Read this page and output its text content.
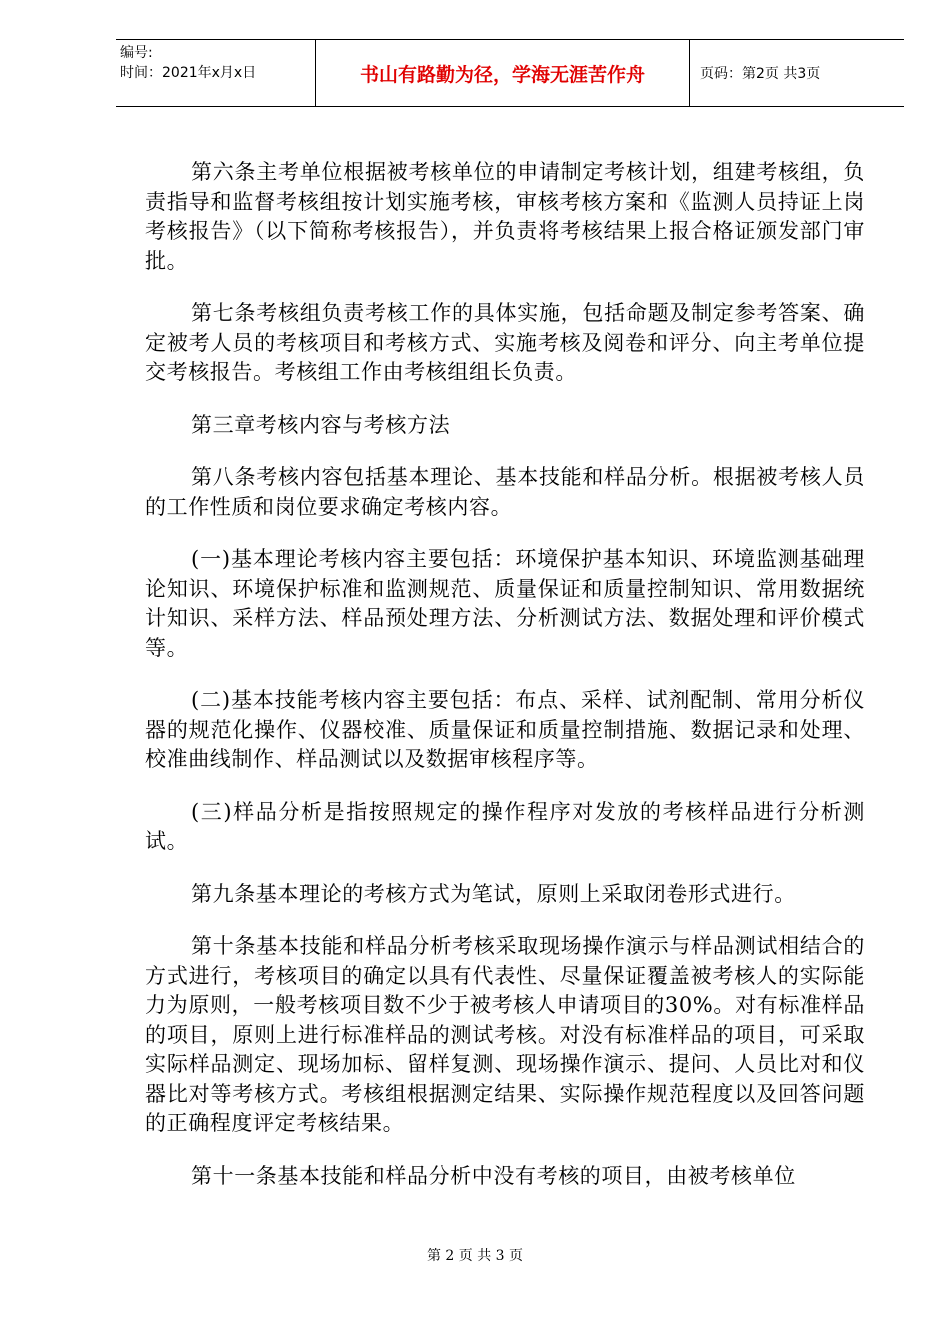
编号:
时间：2021年x月x日	书山有路勤为径，学海无涯苦作舟	页码：第2页 共3页

第六条主考单位根据被考核单位的申请制定考核计划，组建考核组，负责指导和监督考核组按计划实施考核，审核考核方案和《监测人员持证上岗考核报告》（以下简称考核报告），并负责将考核结果上报合格证颁发部门审批。

第七条考核组负责考核工作的具体实施，包括命题及制定参考答案、确定被考人员的考核项目和考核方式、实施考核及阅卷和评分、向主考单位提交考核报告。考核组工作由考核组组长负责。

第三章考核内容与考核方法

第八条考核内容包括基本理论、基本技能和样品分析。根据被考核人员的工作性质和岗位要求确定考核内容。

(一)基本理论考核内容主要包括：环境保护基本知识、环境监测基础理论知识、环境保护标准和监测规范、质量保证和质量控制知识、常用数据统计知识、采样方法、样品预处理方法、分析测试方法、数据处理和评价模式等。

(二)基本技能考核内容主要包括：布点、采样、试剂配制、常用分析仪器的规范化操作、仪器校准、质量保证和质量控制措施、数据记录和处理、校准曲线制作、样品测试以及数据审核程序等。

(三)样品分析是指按照规定的操作程序对发放的考核样品进行分析测试。

第九条基本理论的考核方式为笔试，原则上采取闭卷形式进行。

第十条基本技能和样品分析考核采取现场操作演示与样品测试相结合的方式进行，考核项目的确定以具有代表性、尽量保证覆盖被考核人的实际能力为原则，一般考核项目数不少于被考核人申请项目的30%。对有标准样品的项目，原则上进行标准样品的测试考核。对没有标准样品的项目，可采取实际样品测定、现场加标、留样复测、现场操作演示、提问、人员比对和仪器比对等考核方式。考核组根据测定结果、实际操作规范程度以及回答问题的正确程度评定考核结果。

第十一条基本技能和样品分析中没有考核的项目，由被考核单位

第 2 页 共 3 页
